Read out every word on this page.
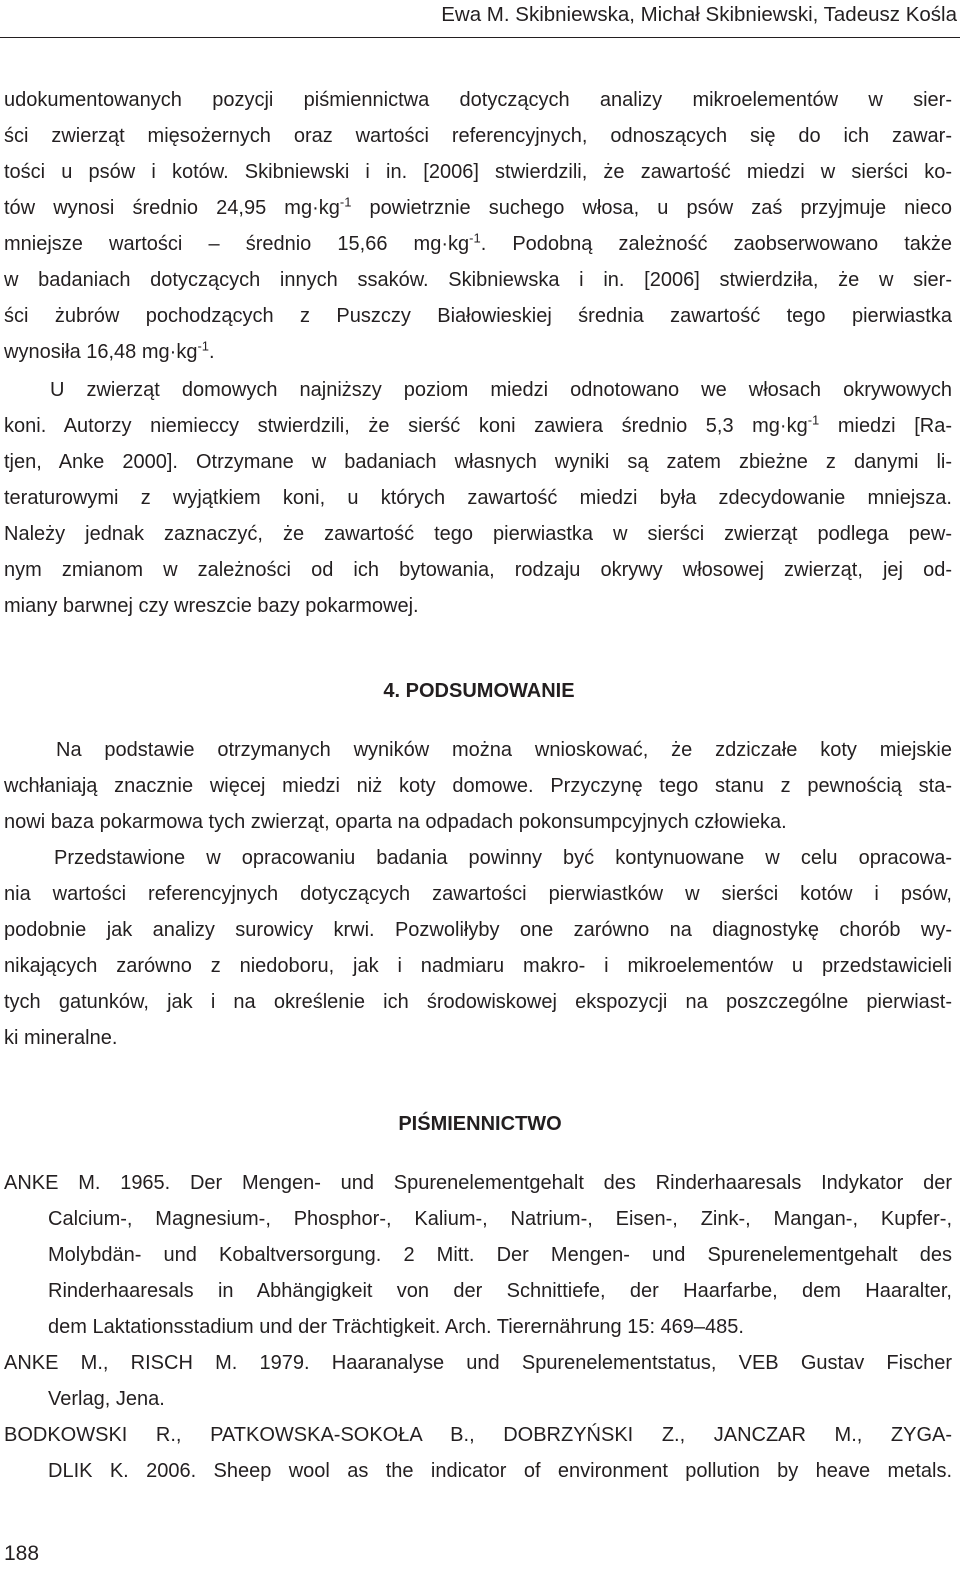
Ewa M. Skibniewska, Michał Skibniewski, Tadeusz Kośla
udokumentowanych pozycji piśmiennictwa dotyczących analizy mikroelementów w sier-
ści zwierząt mięsożernych oraz wartości referencyjnych, odnoszących się do ich zawar-
tości u psów i kotów. Skibniewski i in. [2006] stwierdzili, że zawartość miedzi w sierści ko-
tów wynosi średnio 24,95 $mg\cdot kg^{-1}$ powietrznie suchego włosa, u psów zaś przyjmuje nieco
mniejsze wartości – średnio 15,66 $mg\cdot kg^{-1}$. Podobną zależność zaobserwowano także
w badaniach dotyczących innych ssaków. Skibniewska i in. [2006] stwierdziła, że w sier-
ści żubrów pochodzących z Puszczy Białowieskiej średnia zawartość tego pierwiastka
wynosiła 16,48 $mg\cdot kg^{-1}$.
U zwierząt domowych najniższy poziom miedzi odnotowano we włosach okrywowych
koni. Autorzy niemieccy stwierdzili, że sierść koni zawiera średnio 5,3 $mg\cdot kg^{-1}$ miedzi [Ra-
tjen, Anke 2000]. Otrzymane w badaniach własnych wyniki są zatem zbieżne z danymi li-
teraturowymi z wyjątkiem koni, u których zawartość miedzi była zdecydowanie mniejsza.
Należy jednak zaznaczyć, że zawartość tego pierwiastka w sierści zwierząt podlega pew-
nym zmianom w zależności od ich bytowania, rodzaju okrywy włosowej zwierząt, jej od-
miany barwnej czy wreszcie bazy pokarmowej.
4. PODSUMOWANIE
Na podstawie otrzymanych wyników można wnioskować, że zdziczałe koty miejskie
wchłaniają znacznie więcej miedzi niż koty domowe. Przyczynę tego stanu z pewnością sta-
nowi baza pokarmowa tych zwierząt, oparta na odpadach pokonsumpcyjnych człowieka.
Przedstawione w opracowaniu badania powinny być kontynuowane w celu opracowa-
nia wartości referencyjnych dotyczących zawartości pierwiastków w sierści kotów i psów,
podobnie jak analizy surowicy krwi. Pozwoliłyby one zarówno na diagnostykę chorób wy-
nikających zarówno z niedoboru, jak i nadmiaru makro- i mikroelementów u przedstawicieli
tych gatunków, jak i na określenie ich środowiskowej ekspozycji na poszczególne pierwiast-
ki mineralne.
PIŚMIENNICTWO
ANKE M. 1965. Der Mengen- und Spurenelementgehalt des Rinderhaaresals Indykator der
Calcium-, Magnesium-, Phosphor-, Kalium-, Natrium-, Eisen-, Zink-, Mangan-, Kupfer-,
Molybdän- und Kobaltversorgung. 2 Mitt. Der Mengen- und Spurenelementgehalt des
Rinderhaaresals in Abhängigkeit von der Schnittiefe, der Haarfarbe, dem Haaralter,
dem Laktationsstadium und der Trächtigkeit. Arch. Tierernährung 15: 469–485.
ANKE M., RISCH M. 1979. Haaranalyse und Spurenelementstatus, VEB Gustav Fischer
Verlag, Jena.
BODKOWSKI R., PATKOWSKA-SOKOŁA B., DOBRZYŃSKI Z., JANCZAR M., ZYGA-
DLIK K. 2006. Sheep wool as the indicator of environment pollution by heave metals.
188
